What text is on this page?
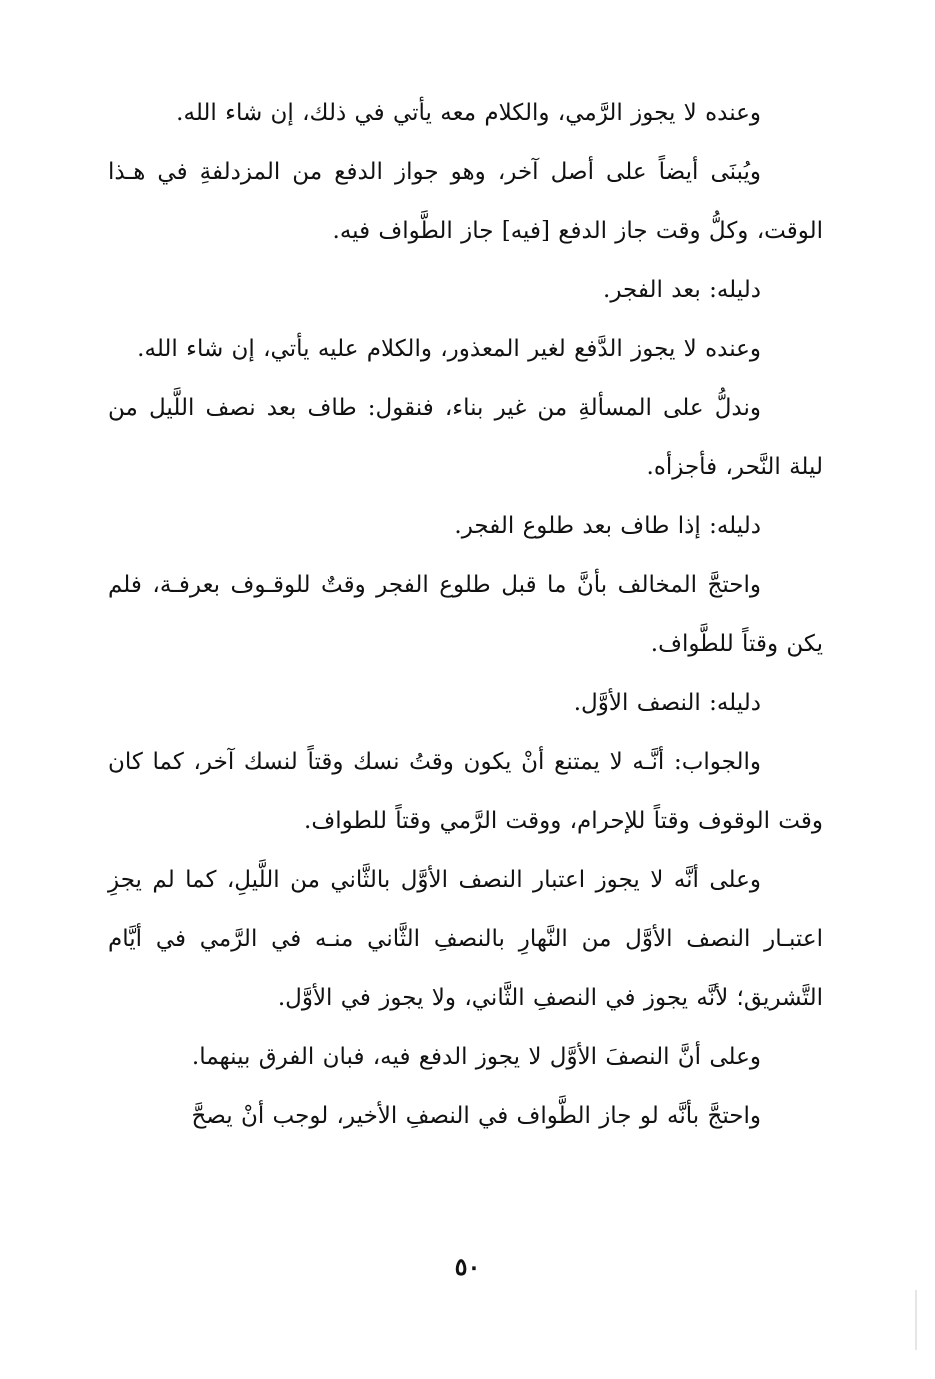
وعنده لا يجوز الرَّمي، والكلام معه يأتي في ذلك، إن شاء الله.

ويُبنَى أيضاً على أصل آخر، وهو جواز الدفع من المزدلفةِ في هـذا الوقت، وكلُّ وقت جاز الدفع [فيه] جاز الطَّواف فيه.

دليله: بعد الفجر.

وعنده لا يجوز الدَّفع لغير المعذور، والكلام عليه يأتي، إن شاء الله.

وندلُّ على المسألةِ من غير بناء، فنقول: طاف بعد نصف اللَّيل من ليلة النَّحر، فأجزأه.

دليله: إذا طاف بعد طلوع الفجر.

واحتجَّ المخالف بأنَّ ما قبل طلوع الفجر وقتٌ للوقـوف بعرفـة، فلم يكن وقتاً للطَّواف.

دليله: النصف الأوَّل.

والجواب: أنَّـه لا يمتنع أنْ يكون وقتُ نسك وقتاً لنسك آخر، كما كان وقت الوقوف وقتاً للإحرام، ووقت الرَّمي وقتاً للطواف.

وعلى أنَّه لا يجوز اعتبار النصف الأوَّل بالثَّاني من اللَّيلِ، كما لم يجزِ اعتبـار النصف الأوَّل من النَّهارِ بالنصفِ الثَّاني منـه في الرَّمي في أيَّام التَّشريق؛ لأنَّه يجوز في النصفِ الثَّاني، ولا يجوز في الأوَّل.

وعلى أنَّ النصفَ الأوَّل لا يجوز الدفع فيه، فبان الفرق بينهما.

واحتجَّ بأنَّه لو جاز الطَّواف في النصفِ الأخير، لوجب أنْ يصحَّ

٥٠
